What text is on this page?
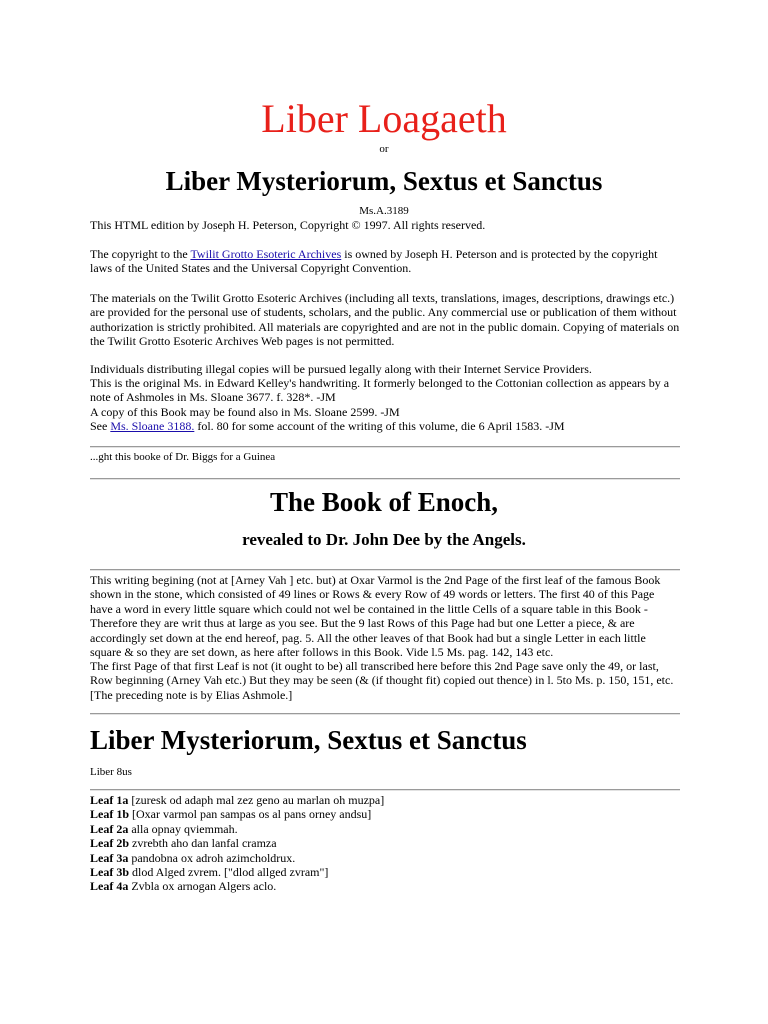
Liber Loagaeth
or
Liber Mysteriorum, Sextus et Sanctus
Ms.A.3189
This HTML edition by Joseph H. Peterson, Copyright © 1997. All rights reserved.
The copyright to the Twilit Grotto Esoteric Archives is owned by Joseph H. Peterson and is protected by the copyright laws of the United States and the Universal Copyright Convention.
The materials on the Twilit Grotto Esoteric Archives (including all texts, translations, images, descriptions, drawings etc.) are provided for the personal use of students, scholars, and the public. Any commercial use or publication of them without authorization is strictly prohibited. All materials are copyrighted and are not in the public domain. Copying of materials on the Twilit Grotto Esoteric Archives Web pages is not permitted.
Individuals distributing illegal copies will be pursued legally along with their Internet Service Providers.
This is the original Ms. in Edward Kelley's handwriting. It formerly belonged to the Cottonian collection as appears by a note of Ashmoles in Ms. Sloane 3677. f. 328*. -JM
A copy of this Book may be found also in Ms. Sloane 2599. -JM
See Ms. Sloane 3188. fol. 80 for some account of the writing of this volume, die 6 April 1583. -JM
...ght this booke of Dr. Biggs for a Guinea
The Book of Enoch,
revealed to Dr. John Dee by the Angels.
This writing begining (not at [Arney Vah ] etc. but) at Oxar Varmol is the 2nd Page of the first leaf of the famous Book shown in the stone, which consisted of 49 lines or Rows & every Row of 49 words or letters. The first 40 of this Page have a word in every little square which could not wel be contained in the little Cells of a square table in this Book - Therefore they are writ thus at large as you see. But the 9 last Rows of this Page had but one Letter a piece, & are accordingly set down at the end hereof, pag. 5. All the other leaves of that Book had but a single Letter in each little square & so they are set down, as here after follows in this Book. Vide l.5 Ms. pag. 142, 143 etc.
The first Page of that first Leaf is not (it ought to be) all transcribed here before this 2nd Page save only the 49, or last, Row beginning (Arney Vah etc.) But they may be seen (& (if thought fit) copied out thence) in l. 5to Ms. p. 150, 151, etc. [The preceding note is by Elias Ashmole.]
Liber Mysteriorum, Sextus et Sanctus
Liber 8us
Leaf 1a [zuresk od adaph mal zez geno au marlan oh muzpa]
Leaf 1b [Oxar varmol pan sampas os al pans orney andsu]
Leaf 2a alla opnay qviemmah.
Leaf 2b zvrebth aho dan lanfal cramza
Leaf 3a pandobna ox adroh azimcholdrux.
Leaf 3b dlod Alged zvrem. ["dlod allged zvram"]
Leaf 4a Zvbla ox arnogan Algers aclo.
